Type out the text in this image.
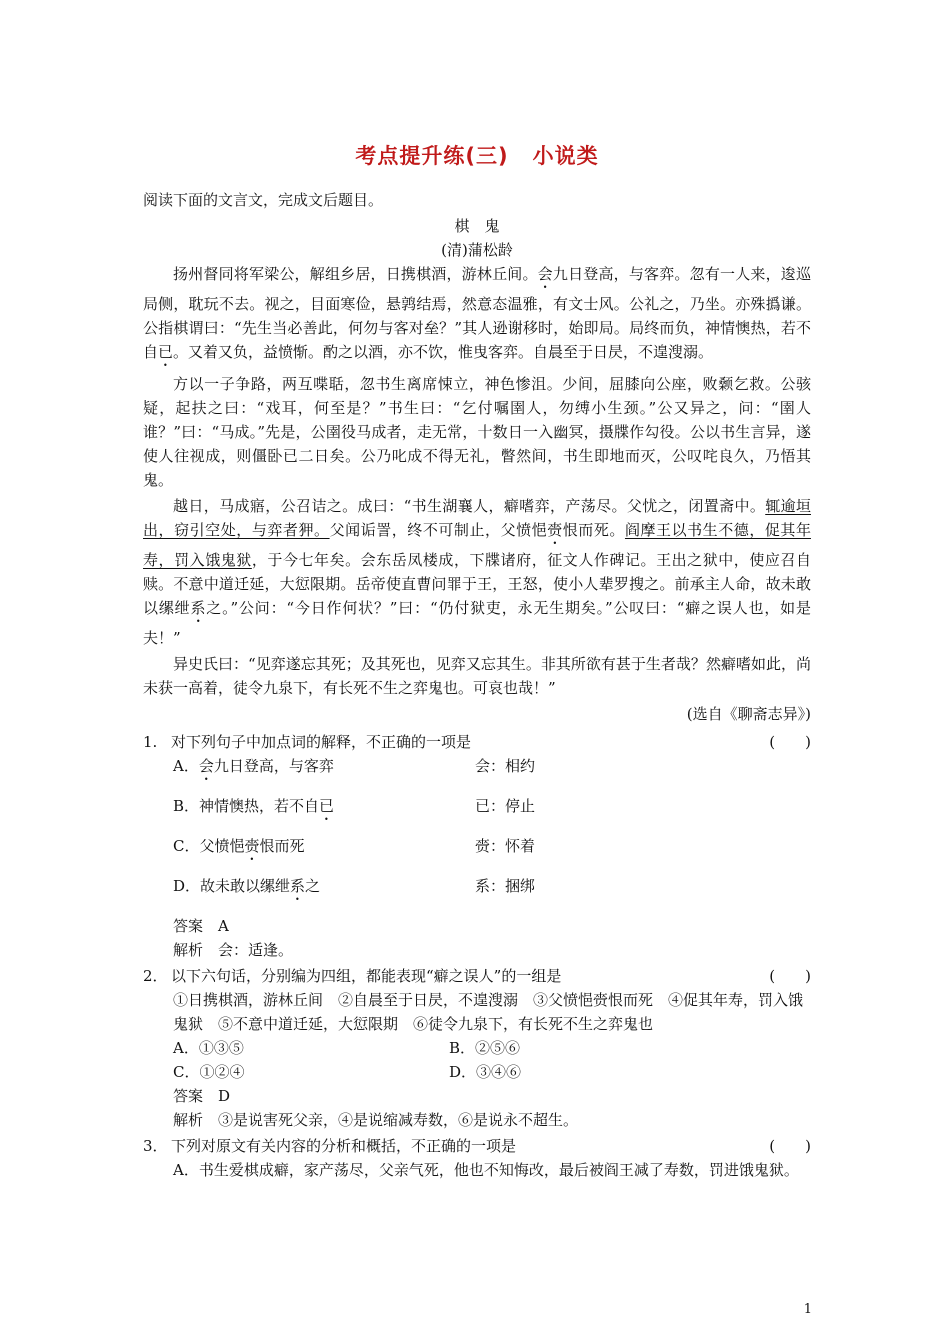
考点提升练(三) 小说类

阅读下面的文言文，完成文后题目。

棋　鬼

(清)蒲松龄

扬州督同将军梁公，解组乡居，日携棋酒，游林丘间。会九日登高，与客弈。忽有一人来，逡巡局侧，耽玩不去。视之，目面寒俭，悬鹑结焉，然意态温雅，有文士风。公礼之，乃坐。亦殊撝谦。公指棋谓曰：“先生当必善此，何勿与客对垒？”其人逊谢移时，始即局。局终而负，神情懊热，若不自已。又着又负，益愤惭。酌之以酒，亦不饮，惟曳客弈。自晨至于日昃，不遑溲溺。

方以一子争路，两互喋聒，忽书生离席悚立，神色惨沮。少间，屈膝向公座，败颡乞救。公骇疑，起扶之曰：“戏耳，何至是？”书生曰：“乞付嘱圉人，勿缚小生颈。”公又异之，问：“圉人谁？”曰：“马成。”先是，公圉役马成者，走无常，十数日一入幽冥，摄牒作勾役。公以书生言异，遂使人往视成，则僵卧已二日矣。公乃叱成不得无礼，瞥然间，书生即地而灭，公叹咤良久，乃悟其鬼。

越日，马成寤，公召诘之。成曰：“书生湖襄人，癖嗜弈，产荡尽。父忧之，闭置斋中。辄逾垣出，窃引空处，与弈者狎。父闻诟詈，终不可制止，父愤悒赍恨而死。阎摩王以书生不德，促其年寿，罚入饿鬼狱，于今七年矣。会东岳凤楼成，下牒诸府，征文人作碑记。王出之狱中，使应召自赎。不意中道迁延，大愆限期。岳帝使直曹问罪于王，王怒，使小人辈罗搜之。前承主人命，故未敢以缧绁系之。”公问：“今日作何状？”曰：“仍付狱吏，永无生期矣。”公叹曰：“癖之误人也，如是夫！”

异史氏曰：“见弈遂忘其死；及其死也，见弈又忘其生。非其所欲有甚于生者哉？然癖嗜如此，尚未获一高着，徒令九泉下，有长死不生之弈鬼也。可哀也哉！”

(选自《聊斋志异》)

1. 对下列句子中加点词的解释，不正确的一项是	(　　)
A．会九日登高，与客弈	会：相约
B．神情懊热，若不自已	已：停止
C．父愤悒赍恨而死	赍：怀着
D．故未敢以缧绁系之	系：捆绑

答案　A

解析　会：适逢。

2． 以下六句话，分别编为四组，都能表现“癖之误人”的一组是	(　　)

①日携棋酒，游林丘间　②自晨至于日昃，不遑溲溺　③父愤悒赍恨而死　④促其年寿，罚入饿鬼狱　⑤不意中道迁延，大愆限期　⑥徒令九泉下，有长死不生之弈鬼也

A．①③⑤	B．②⑤⑥
C．①②④	D．③④⑥

答案　D

解析　③是说害死父亲，④是说缩减寿数，⑥是说永不超生。

3． 下列对原文有关内容的分析和概括，不正确的一项是	(　　)

A．书生爱棋成癖，家产荡尽，父亲气死，他也不知悔改，最后被阎王减了寿数，罚进饿鬼狱。

1
